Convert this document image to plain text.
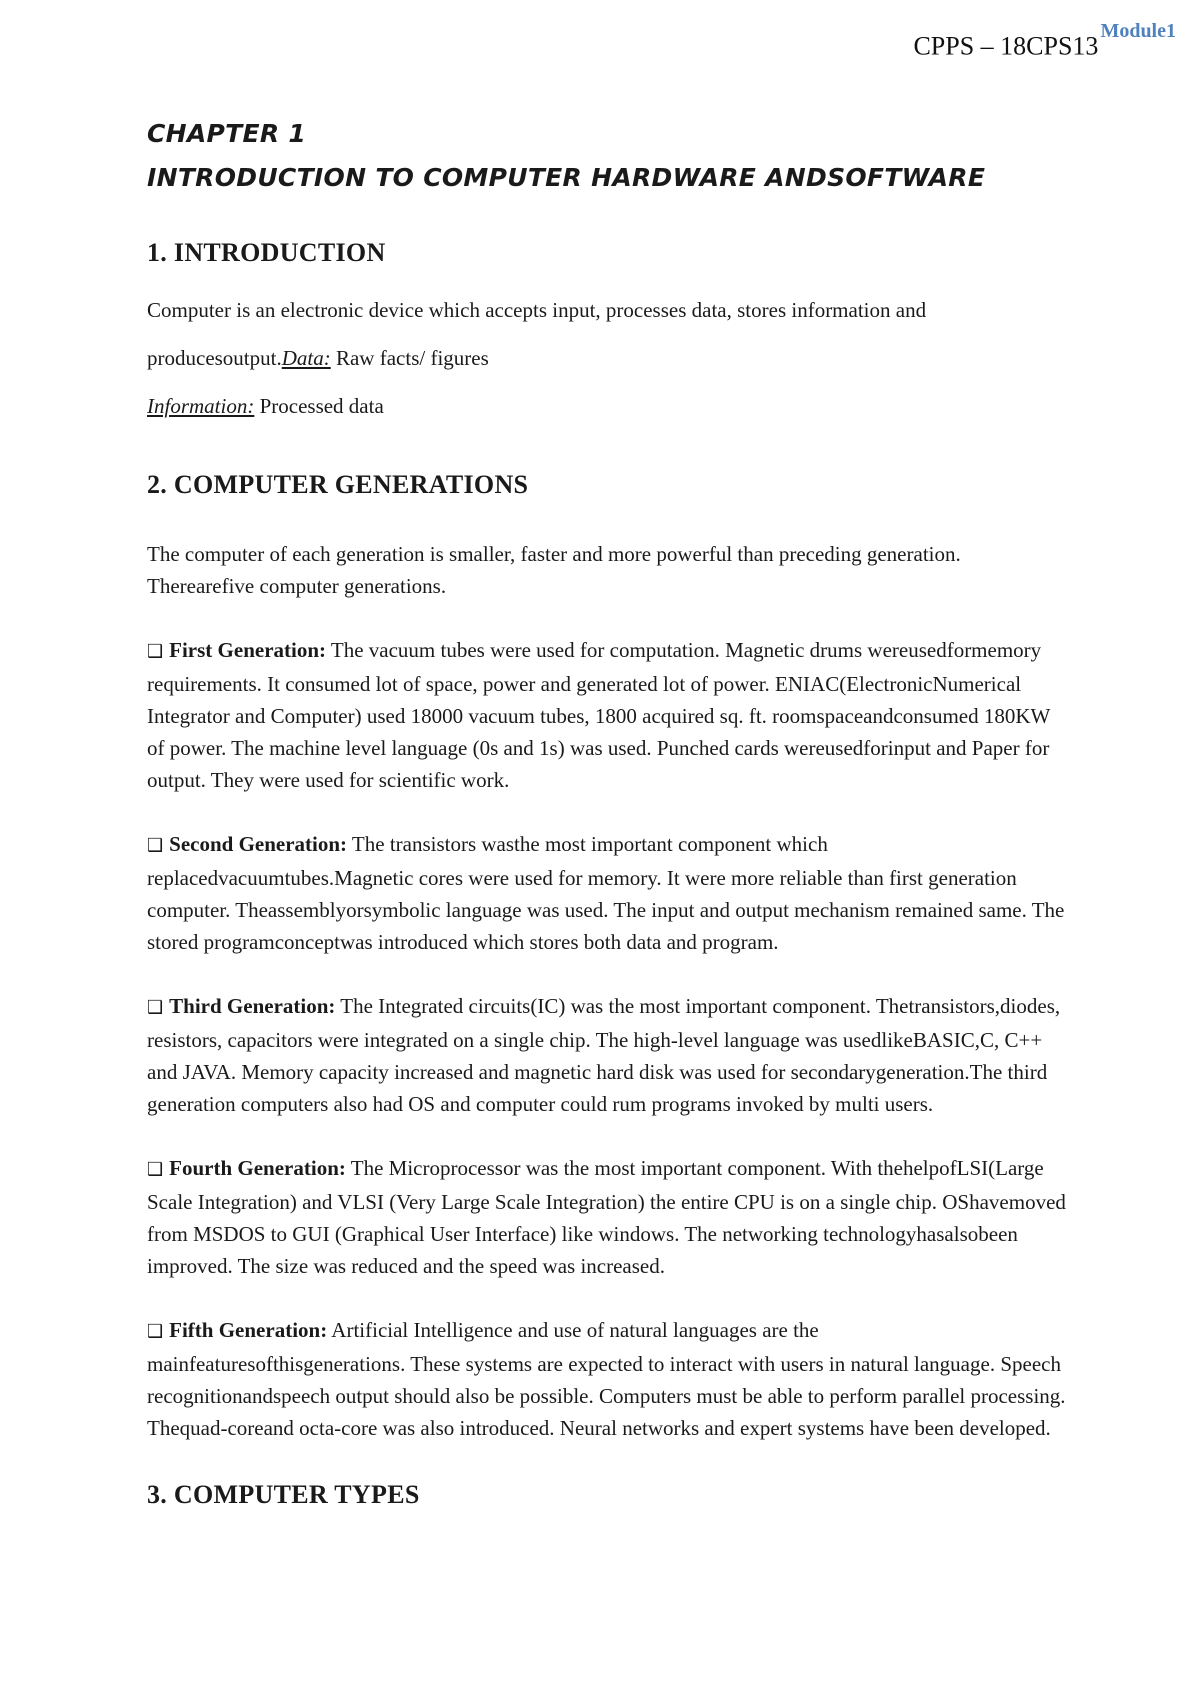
CPPS – $18CPS13^{Module1}$
CHAPTER 1
INTRODUCTION TO COMPUTER HARDWARE ANDSOFTWARE
1. INTRODUCTION

Computer is an electronic device which accepts input, processes data, stores information and

producesoutput.Data: Raw facts/ figures

Information: Processed data

2. COMPUTER GENERATIONS

The computer of each generation is smaller, faster and more powerful than preceding generation. Therearefive computer generations.

❑ First Generation: The vacuum tubes were used for computation. Magnetic drums wereusedformemory requirements. It consumed lot of space, power and generated lot of power. ENIAC(ElectronicNumerical Integrator and Computer) used 18000 vacuum tubes, 1800 acquired sq. ft. roomspaceandconsumed 180KW of power. The machine level language (0s and 1s) was used. Punched cards wereusedforinput and Paper for output. They were used for scientific work.

❑ Second Generation: The transistors wasthe most important component which replacedvacuumtubes.Magnetic cores were used for memory. It were more reliable than first generation computer. Theassemblyorsymbolic language was used. The input and output mechanism remained same. The stored programconceptwas introduced which stores both data and program.

❑ Third Generation: The Integrated circuits(IC) was the most important component. Thetransistors,diodes, resistors, capacitors were integrated on a single chip. The high-level language was usedlikeBASIC,C, C++ and JAVA. Memory capacity increased and magnetic hard disk was used for secondarygeneration.The third generation computers also had OS and computer could rum programs invoked by multi users.

❑ Fourth Generation: The Microprocessor was the most important component. With thehelpofLSI(Large Scale Integration) and VLSI (Very Large Scale Integration) the entire CPU is on a single chip. OShavemoved from MSDOS to GUI (Graphical User Interface) like windows. The networking technologyhasalsobeen improved. The size was reduced and the speed was increased.

❑ Fifth Generation: Artificial Intelligence and use of natural languages are the mainfeaturesofthisgenerations. These systems are expected to interact with users in natural language. Speech recognitionandspeech output should also be possible. Computers must be able to perform parallel processing. Thequad-coreand octa-core was also introduced. Neural networks and expert systems have been developed.

3. COMPUTER TYPES
